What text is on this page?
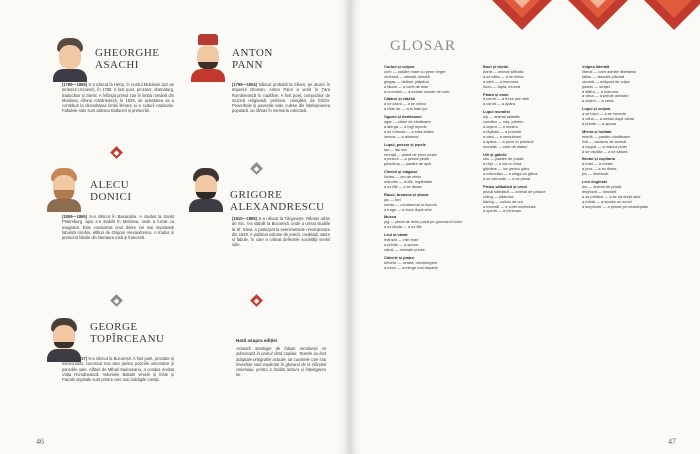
GHEORGHE
ASACHI
(1788—1869) S-a născut la Herța, în nordul Moldovei (azi pe teritoriul Ucrainei), în 1788. A fost poet, prozator, dramaturg, traducător și ziarist. A înființat primul ziar în limba română din Moldova, Albina românească, în 1829, iar activitatea sa a contribuit la dezvoltarea limbii literare și a culturii naționale. Fabulele sale sunt adesea traduceri și prelucrări.
ANTON
PANN
(1796—1854) Născut probabil la Sliven, pe atunci în Imperiul Otoman, Anton Pann a venit în Țara Românească în copilărie. A fost poet, compozitor de muzică religioasă, profesor, culegător de folclor. Proverbele și poveștile sale, culese din înțelepciunea populară, au rămas în memoria colectivă.
ALECU
DONICI
(1806—1865) S-a născut în Basarabia. A studiat la Sankt Petersburg, apoi s-a stabilit în Moldova, unde a lucrat ca magistrat. Este considerat unul dintre cei mai importanți fabuliști români, alături de Grigore Alexandrescu. A tradus și prelucrat fabule din literatura rusă și franceză.
GRIGORE
ALEXANDRESCU
(1810—1885) S-a născut la Târgoviște. Rămas orfan de mic, s-a stabilit la București, unde a urmat studiile la Sf. Sava. A participat la evenimentele revoluționare din 1848. A publicat volume de poezii, meditații, satire și fabule, în care a criticat defectele societății vremii sale.
GEORGE
TOPÎRCEANU
(1886—1937) S-a născut la București. A fost poet, prozator și memorialist, cunoscut mai ales pentru poeziile umoristice și parodiile sale. Alături de Mihail Sadoveanu, a condus revista Viața Românească. Volumele Balade vesele și triste și Parodii originale sunt printre cele mai îndrăgite creații.
Notă asupra ediției
Această antologie de fabule românești se adresează în primul rând copiilor. Textele au fost adaptate ortografiei actuale, iar cuvintele rare sau învechite sunt explicate în glosarul de la sfârșitul volumului, pentru a facilita lectura și înțelegerea lor.
46
GLOSAR
Corbul și vulpea
corb — pasăre mare cu pene negre
vicleană — isteață, șireată
gingaș — delicat, plăpând
a lăuda — a vorbi de bine
a croncăni — a scoate sunete de corb
Cățărul și cățelul
a se căzni — a se chinui
a râde de — a-și bate joc
Ogarul și dorlăcanul
ogar — câine de vânătoare
a alerga — a fugi repede
a se înfunda — a intra adânc
luneca — a aluneca
Lupul, pescar și țepele
iaz — lac mic
mreajă — plasă de prins pește
a pescui — a prinde pește
pescăruș — pasăre de apă
Cinelul și măgarul
lichea — om de nimic
mândrie — trufie, îngâmfare
a se făli — a se lăuda
Racul, broasca și știuca
jac — furt
ocnaș — condamnat la muncă
a trage — a duce după sine
Musca
jug — piesă de lemn pusă pe grumazul boilor
a se lăuda — a se făli
Leul la vânat
mânzat — viței mari
a prinde — a apuca
vânat — animale prinse
Câinele și piatra
dihonie — ceartă, neînțelegere
a trece — a merge mai departe
Boul și vițelul
jivină — animal sălbatic
a se sălta — a se ridica
a cârti — a murmura
lucru — faptă, muncă
Piatra și omul
a cerne — a trece prin sită
a ocroti — a apăra
Lupul moralist
lup — animal sălbatic
cumătru — naș, prieten
a dojeni — a mustra
a făgădui — a promite
a cârti — a nemulțumi
a aplica — a pune în practică
moralist — care dă sfaturi
Ulii și găinile
uliu — pasăre de pradă
a răpi — a lua cu forța
găinărie — loc pentru găini
a cotcodăci — a striga ca găina
a se ascunde — a se pitula
Pisica sălbatică și ursul
pisică sălbatică — animal de pădure
crâng — pădurice
bârlog — culcuș de urs
a mormăi — a vorbi nedeslușit
a speria — a înfricoșa
Vulpea liberală
liberal — care admite libertatea
taifas — discuție plăcută
vizuină — adăpost de vulpe
paznic — străjer
a sfătui — a îndruma
a vâna — a prinde animale
a dojeni — a certa
Lupul și vulpea
a se bizui — a se încrede
a vâna — a umbla după vânat
a prinde — a apuca
Mierla și hoitata
mierlă — pasăre cântătoare
hoit — cadavru de animal
a ciuguli — a mânca puțin
a se ospăta — a se sătura
Brotul și copilaria
a mari — a crește
a juca — a se distra
joc — distracție
Leul deghizat
leu — animal de pradă
deghizat — travestit
a se preface — a se da drept altul
a mârâi — a scoate un sunet
a surprinde — a prinde pe neașteptate
47
